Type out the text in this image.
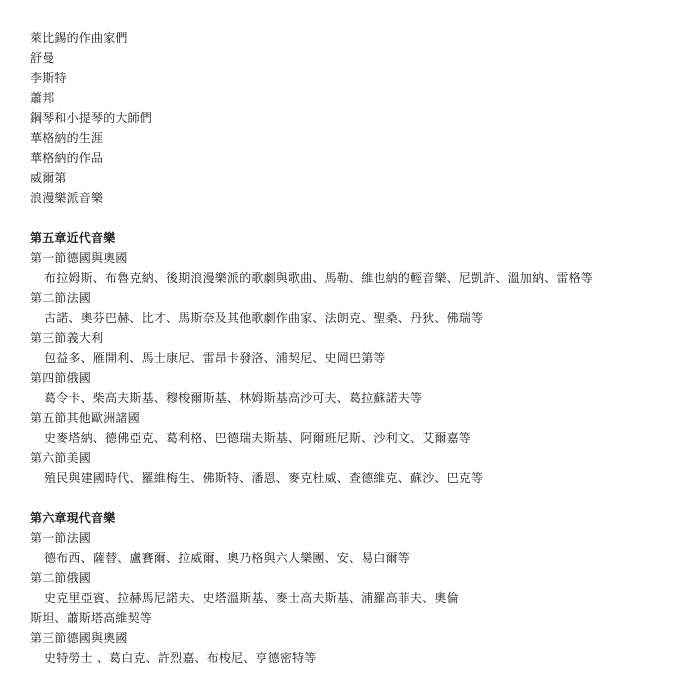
萊比錫的作曲家們
舒曼
李斯特
蕭邦
鋼琴和小提琴的大師們
華格納的生涯
華格納的作品
威爾第
浪漫樂派音樂
第五章近代音樂
第一節德國與奧國
布拉姆斯、布魯克納、後期浪漫樂派的歌劇與歌曲、馬勒、維也納的輕音樂、尼凱許、溫加納、雷格等
第二節法國
古諾、奧芬巴赫、比才、馬斯奈及其他歌劇作曲家、法朗克、聖桑、丹狄、佛瑞等
第三節義大利
包益多、雁開利、馬士康尼、雷昂卡發洛、浦契尼、史岡巴第等
第四節俄國
葛令卡、柴高夫斯基、穆梭爾斯基、林姆斯基高沙可夫、葛拉蘇諾夫等
第五節其他歐洲諸國
史麥塔納、德佛亞克、葛利格、巴德瑞夫斯基、阿爾班尼斯、沙利文、艾爾嘉等
第六節美國
殖民與建國時代、羅維梅生、佛斯特、潘恩、麥克杜威、查德維克、蘇沙、巴克等
第六章現代音樂
第一節法國
德布西、薩替、盧賽爾、拉威爾、奧乃格與六人樂團、安、易白爾等
第二節俄國
史克里亞賓、拉赫馬尼諾夫、史塔溫斯基、麥士高夫斯基、浦羅高菲夫、奧倫
斯坦、蕭斯塔高維契等
第三節德國與奧國
史特勞士 、葛白克、許烈嘉、布梭尼、亨德密特等
